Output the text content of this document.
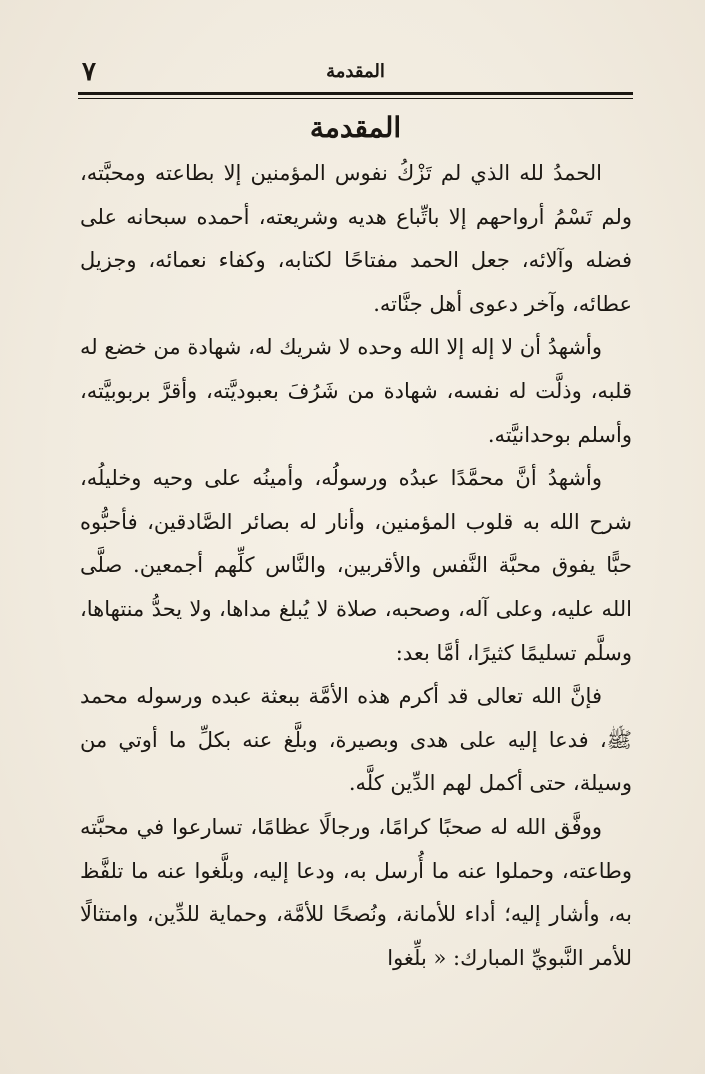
٧	المقدمة
المقدمة

الحمدُ لله الذي لم تَزْكُ نفوس المؤمنين إلا بطاعته ومحبَّته، ولم تَسْمُ أرواحهم إلا باتِّباع هديه وشريعته، أحمده سبحانه على فضله وآلائه، جعل الحمد مفتاحًا لكتابه، وكفاء نعمائه، وجزيل عطائه، وآخر دعوى أهل جنَّاته.

وأشهدُ أن لا إله إلا الله وحده لا شريك له، شهادة من خضع له قلبه، وذلَّت له نفسه، شهادة من شَرُفَ بعبوديَّته، وأقرَّ بربوبيَّته، وأسلم بوحدانيَّته.

وأشهدُ أنَّ محمَّدًا عبدُه ورسولُه، وأمينُه على وحيه وخليلُه، شرح الله به قلوب المؤمنين، وأنار له بصائر الصَّادقين، فأحبُّوه حبًّا يفوق محبَّة النَّفس والأقربين، والنَّاس كلِّهم أجمعين. صلَّى الله عليه، وعلى آله، وصحبه، صلاة لا يُبلغ مداها، ولا يحدُّ منتهاها، وسلَّم تسليمًا كثيرًا، أمَّا بعد:

فإنَّ الله تعالى قد أكرم هذه الأمَّة ببعثة عبده ورسوله محمد ﷺ، فدعا إليه على هدى وبصيرة، وبلَّغ عنه بكلِّ ما أوتي من وسيلة، حتى أكمل لهم الدِّين كلَّه.

ووفَّق الله له صحبًا كرامًا، ورجالًا عظامًا، تسارعوا في محبَّته وطاعته، وحملوا عنه ما أُرسل به، ودعا إليه، وبلَّغوا عنه ما تلفَّظ به، وأشار إليه؛ أداء للأمانة، ونُصحًا للأمَّة، وحماية للدِّين، وامتثالًا للأمر النَّبويِّ المبارك: « بلِّغوا
